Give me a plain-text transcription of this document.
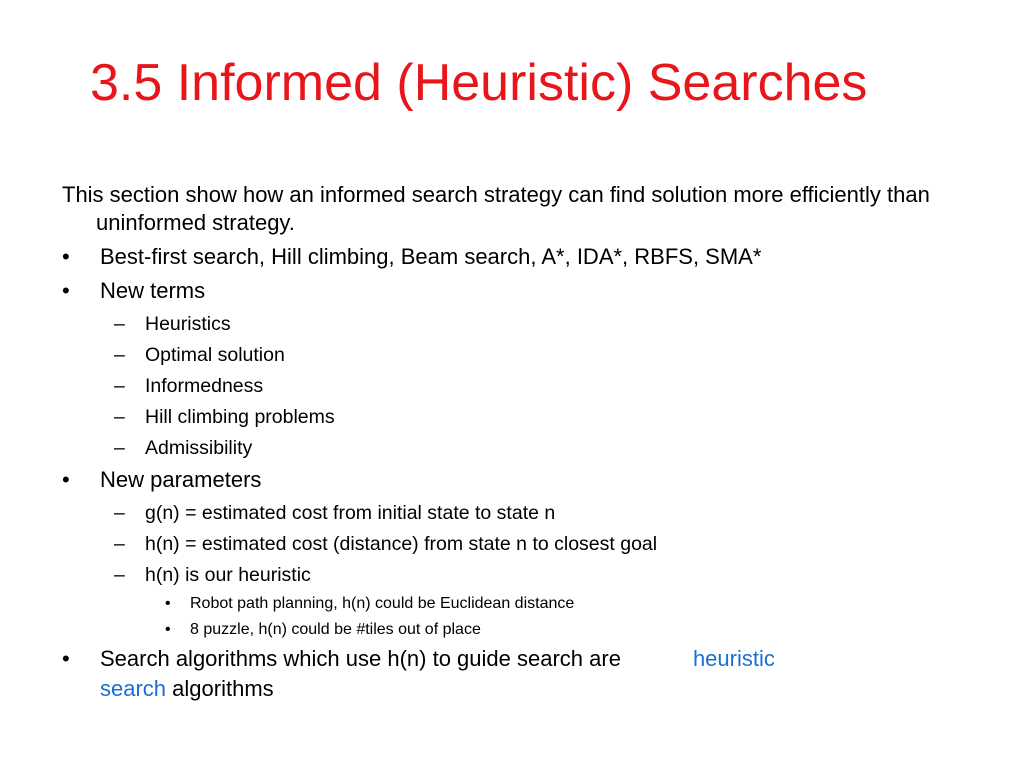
3.5 Informed (Heuristic) Searches

This section show how an informed search strategy can find solution more efficiently than uninformed strategy.

•	Best-first search, Hill climbing, Beam search, A*, IDA*, RBFS, SMA*
•	New terms
– Heuristics
– Optimal solution
– Informedness
– Hill climbing problems
– Admissibility
•	New parameters
– g(n) = estimated cost from initial state to state n
– h(n) = estimated cost (distance) from state n to closest goal
– h(n) is our heuristic
• Robot path planning, h(n) could be Euclidean distance
• 8 puzzle, h(n) could be #tiles out of place
•	Search algorithms which use h(n) to guide search are	heuristic
search algorithms
